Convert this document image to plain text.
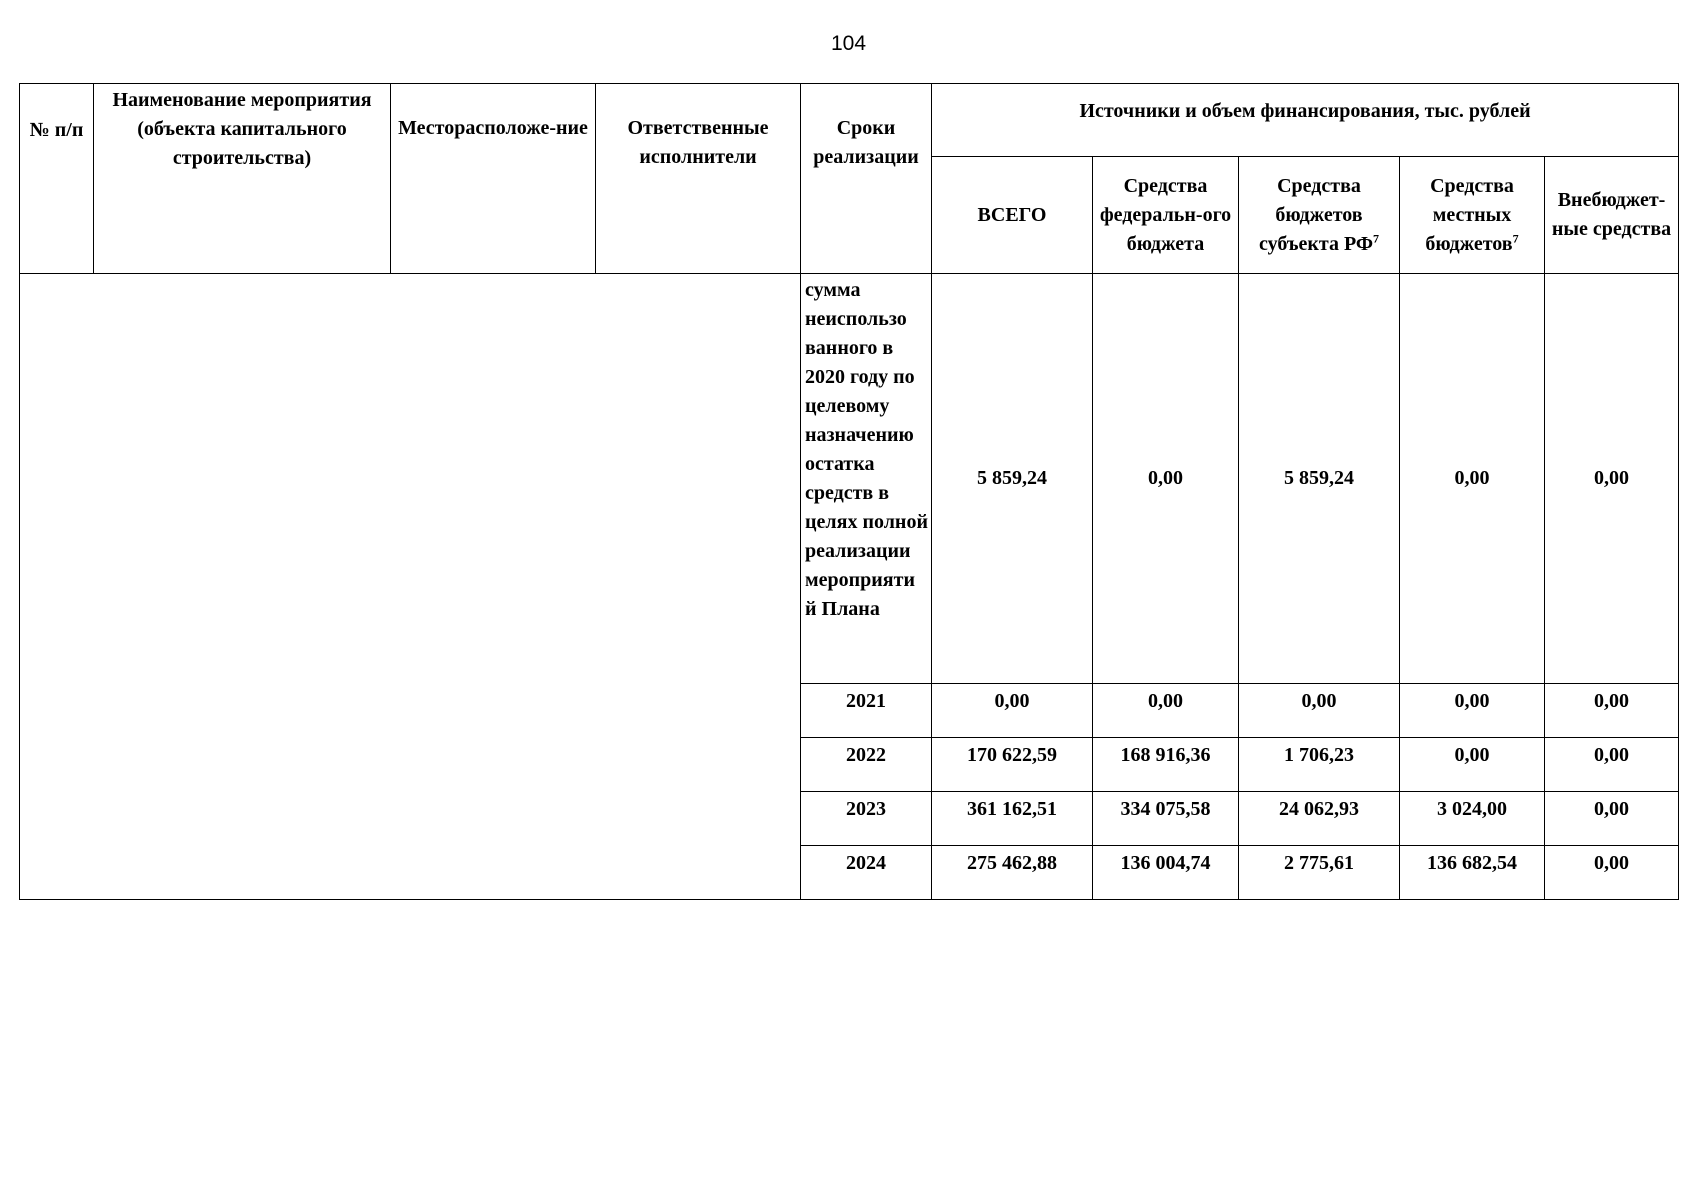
104
№ п/п	Наименование мероприятия (объекта капитального строительства)	Месторасположе-ние	Ответственные исполнители	Сроки реализации	Источники и объем финансирования, тыс. рублей				
					ВСЕГО	Средства федеральн-ого бюджета	Средства бюджетов субъекта $РФ^7$	Средства местных бюджетов$^7$	Внебюджет-ные средства
				сумма неиспользо ванного в 2020 году по целевому назначению остатка средств в целях полной реализации мероприяти й Плана	5 859,24	0,00	5 859,24	0,00	0,00
				2021	0,00	0,00	0,00	0,00	0,00
				2022	170 622,59	168 916,36	1 706,23	0,00	0,00
				2023	361 162,51	334 075,58	24 062,93	3 024,00	0,00
				2024	275 462,88	136 004,74	2 775,61	136 682,54	0,00
